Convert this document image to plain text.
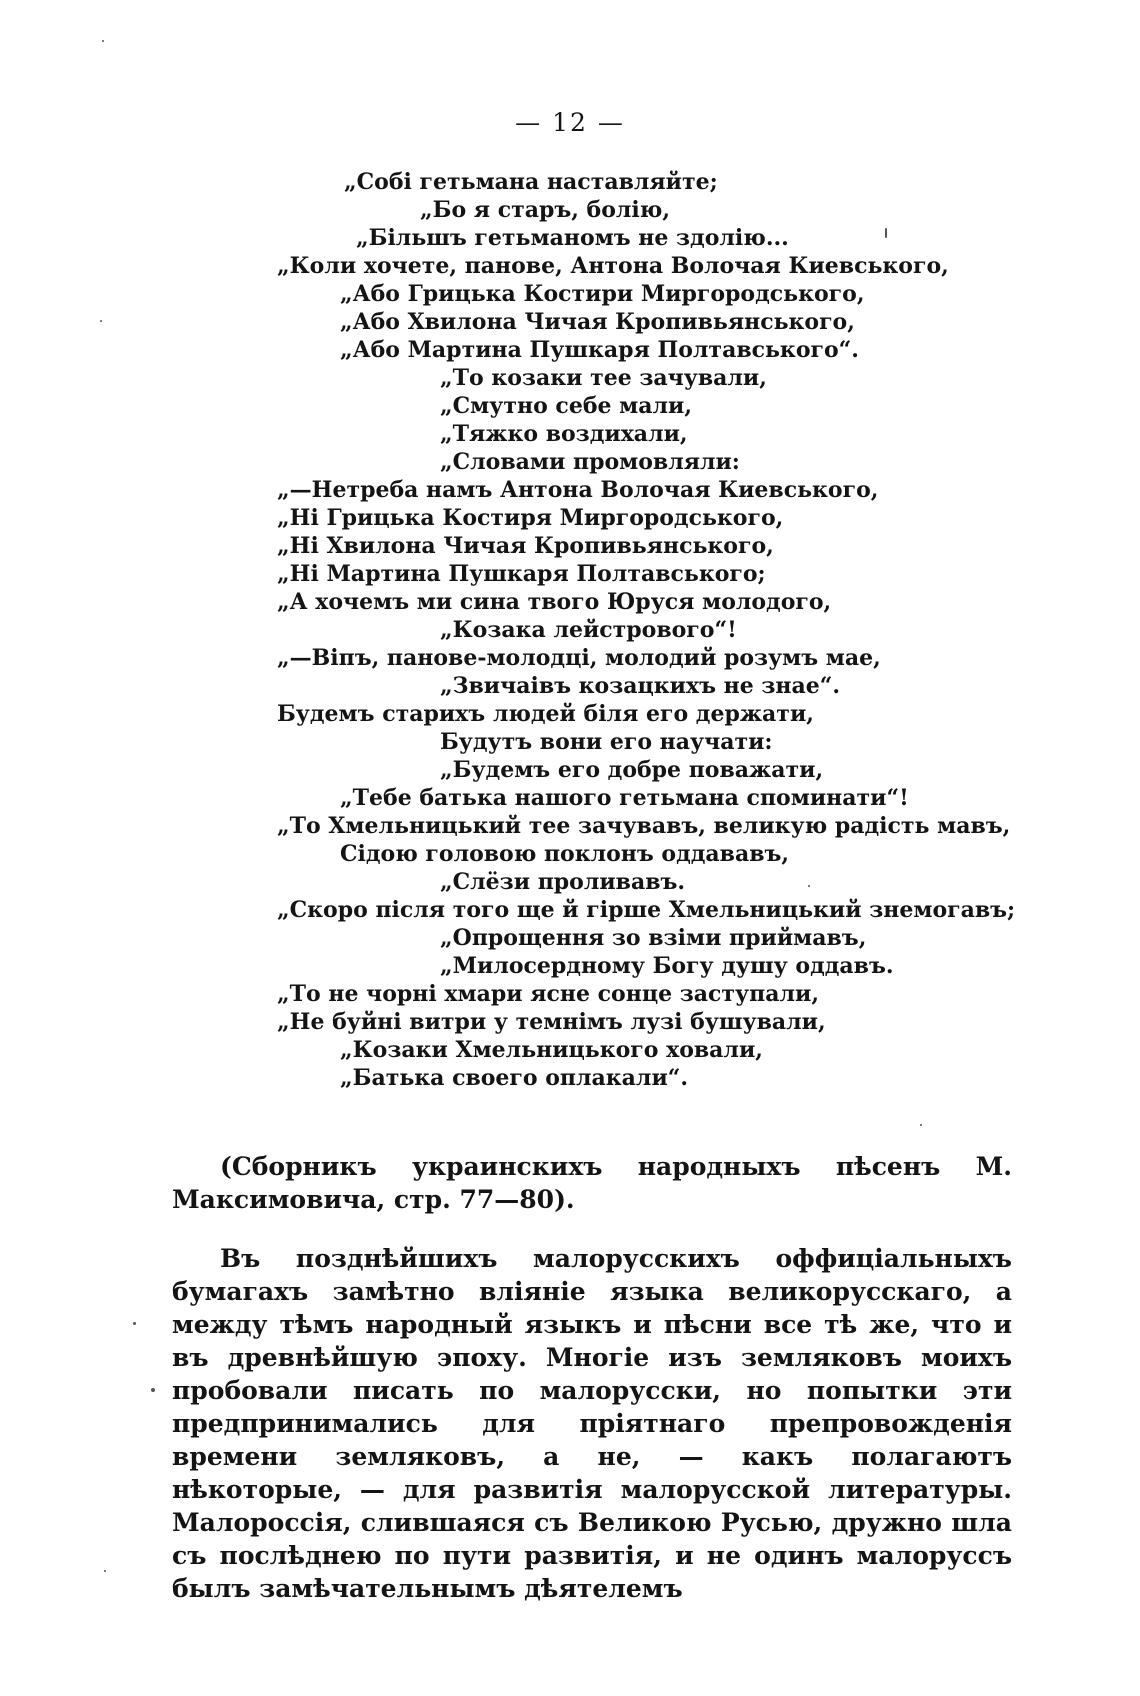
— 12 —
„Собі гетьмана наставляйте;
„Бо я старъ, болію,
„Більшъ гетьманомъ не здолію...
„Коли хочете, панове, Антона Волочая Киевського,
„Або Грицька Костири Миргородського,
„Або Хвилона Чичая Кропивьянського,
„Або Мартина Пушкаря Полтавського“.
„То козаки тее зачували,
„Смутно себе мали,
„Тяжко воздихали,
„Словами промовляли:
„—Нетреба намъ Антона Волочая Киевського,
„Ні Грицька Костиря Миргородського,
„Ні Хвилона Чичая Кропивьянського,
„Ні Мартина Пушкаря Полтавського;
„А хочемъ ми сина твого Юруся молодого,
„Козака лейстрового“!
„—Віпъ, панове-молодці, молодий розумъ мае,
„Звичаівъ козацкихъ не знае“.
Будемъ старихъ людей біля его держати,
Будутъ вони его научати:
„Будемъ его добре поважати,
„Тебе батька нашого гетьмана споминати“!
„То Хмельницький тее зачувавъ, великую радість мавъ,
Сідою головою поклонъ оддававъ,
„Слёзи проливавъ.
„Скоро після того ще й гірше Хмельницький знемогавъ;
„Опрощення зо взіми приймавъ,
„Милосердному Богу душу оддавъ.
„То не чорні хмари ясне сонце заступали,
„Не буйні витри у темнімъ лузі бушували,
„Козаки Хмельницького ховали,
„Батька своего оплакали“.

(Сборникъ украинскихъ народныхъ пѣсенъ М. Максимовича, стр. 77—80).

Въ позднѣйшихъ малорусскихъ оффиціальныхъ бумагахъ замѣтно вліяніе языка великорусскаго, а между тѣмъ народный языкъ и пѣсни все тѣ же, что и въ древнѣйшую эпоху. Многіе изъ земляковъ моихъ пробовали писать по малорусски, но попытки эти предпринимались для пріятнаго препровожденія времени земляковъ, а не, — какъ полагаютъ нѣкоторые, — для развитія малорусской литературы. Малороссія, слившаяся съ Великою Русью, дружно шла съ послѣднею по пути развитія, и не одинъ малоруссъ былъ замѣчательнымъ дѣятелемъ
